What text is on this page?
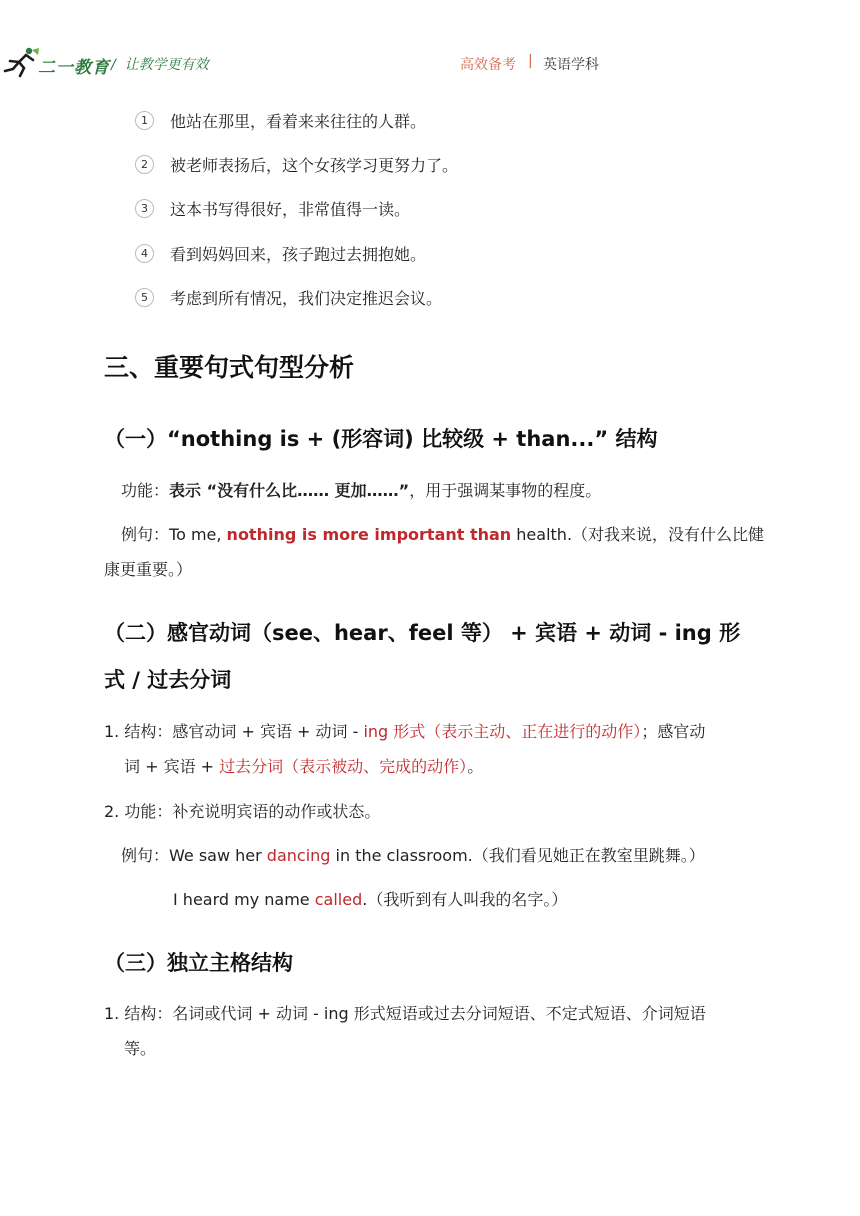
二一教育 /  让教学更有效	高效备考 | 英语学科
1 他站在那里，看着来来往往的人群。
2 被老师表扬后，这个女孩学习更努力了。
3 这本书写得很好，非常值得一读。
4 看到妈妈回来，孩子跑过去拥抱她。
5 考虑到所有情况，我们决定推迟会议。
三、重要句式句型分析
（一）“nothing is + (形容词) 比较级 + than...” 结构
功能：表示 “没有什么比…… 更加……”，用于强调某事物的程度。
例句：To me, nothing is more important than health.（对我来说，没有什么比健
康更重要。）
（二）感官动词（see、hear、feel 等） + 宾语 + 动词 - ing 形
式 / 过去分词
1. 结构：感官动词 + 宾语 + 动词 - ing 形式（表示主动、正在进行的动作）；感官动
词 + 宾语 + 过去分词（表示被动、完成的动作）。
2. 功能：补充说明宾语的动作或状态。
例句：We saw her dancing in the classroom.（我们看见她正在教室里跳舞。）
I heard my name called.（我听到有人叫我的名字。）
（三）独立主格结构
1. 结构：名词或代词 + 动词 - ing 形式短语或过去分词短语、不定式短语、介词短语
等。
